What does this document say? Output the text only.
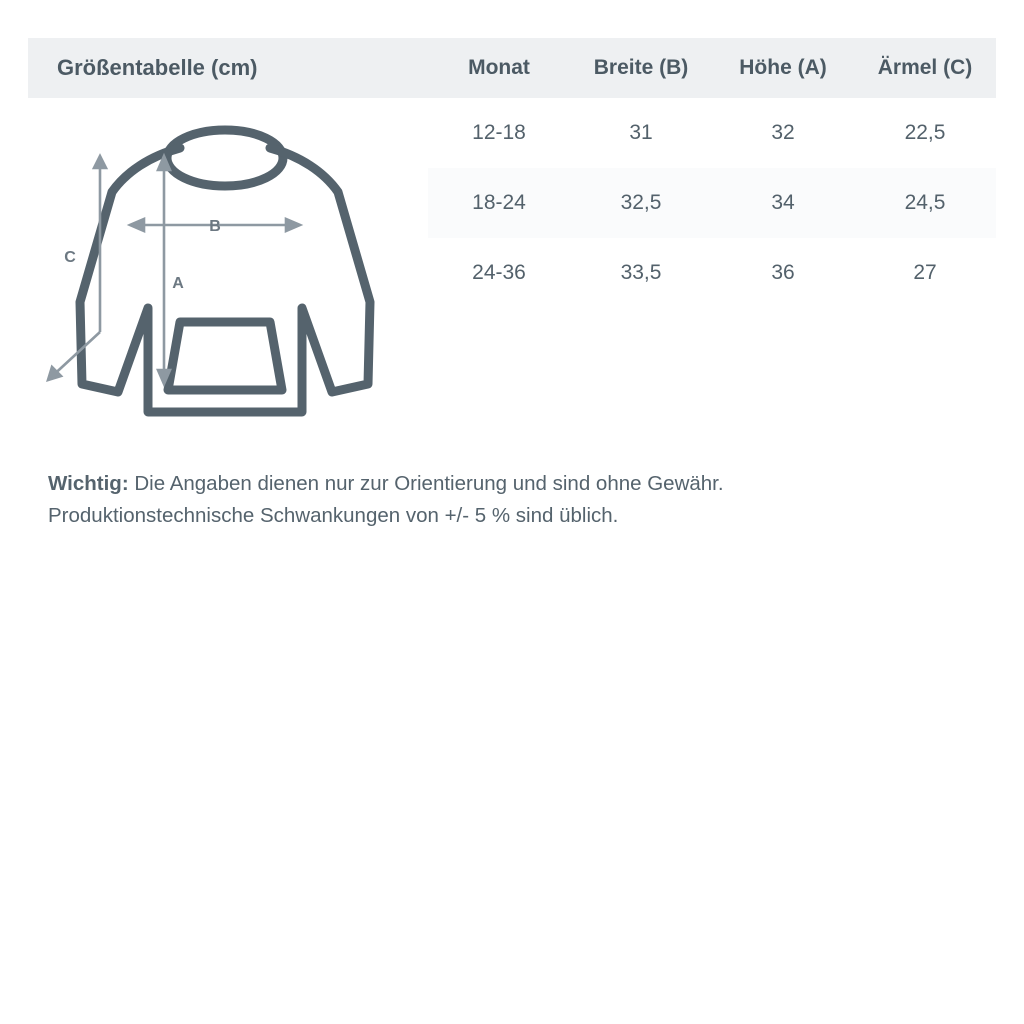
Größentabelle (cm)	Monat	Breite (B)	Höhe (A)	Ärmel (C)
	12-18	31	32	22,5
	18-24	32,5	34	24,5
	24-36	33,5	36	27
C
B
A
Wichtig: Die Angaben dienen nur zur Orientierung und sind ohne Gewähr.
Produktionstechnische Schwankungen von +/- 5 % sind üblich.
